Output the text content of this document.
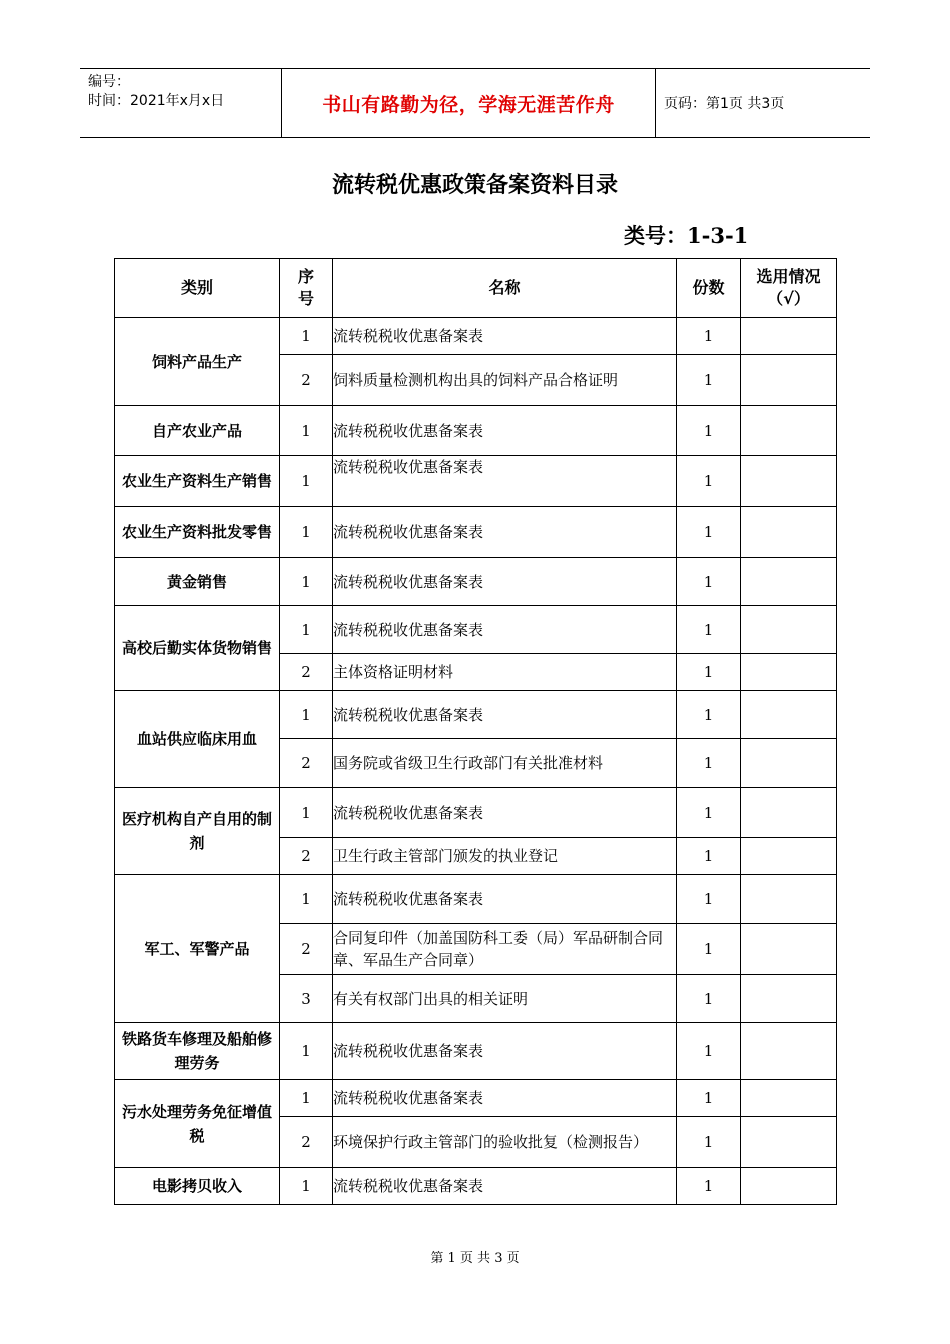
编号：
时间：2021年x月x日	书山有路勤为径，学海无涯苦作舟	页码：第1页 共3页
流转税优惠政策备案资料目录
类号：1-3-1
类别	序号	名称	份数	选用情况（√）

饲料产品生产	1	流转税税收优惠备案表	1	
	2	饲料质量检测机构出具的饲料产品合格证明	1	
自产农业产品	1	流转税税收优惠备案表	1	
农业生产资料生产销售	1	流转税税收优惠备案表	1	
农业生产资料批发零售	1	流转税税收优惠备案表	1	
黄金销售	1	流转税税收优惠备案表	1	
高校后勤实体货物销售	1	流转税税收优惠备案表	1	
	2	主体资格证明材料	1	
血站供应临床用血	1	流转税税收优惠备案表	1	
	2	国务院或省级卫生行政部门有关批准材料	1	
医疗机构自产自用的制剂	1	流转税税收优惠备案表	1	
	2	卫生行政主管部门颁发的执业登记	1	
军工、军警产品	1	流转税税收优惠备案表	1	
	2	合同复印件（加盖国防科工委（局）军品研制合同章、军品生产合同章）	1	
	3	有关有权部门出具的相关证明	1	
铁路货车修理及船舶修理劳务	1	流转税税收优惠备案表	1	
污水处理劳务免征增值税	1	流转税税收优惠备案表	1	
	2	环境保护行政主管部门的验收批复（检测报告）	1	
电影拷贝收入	1	流转税税收优惠备案表	1	
第 1 页 共 3 页
